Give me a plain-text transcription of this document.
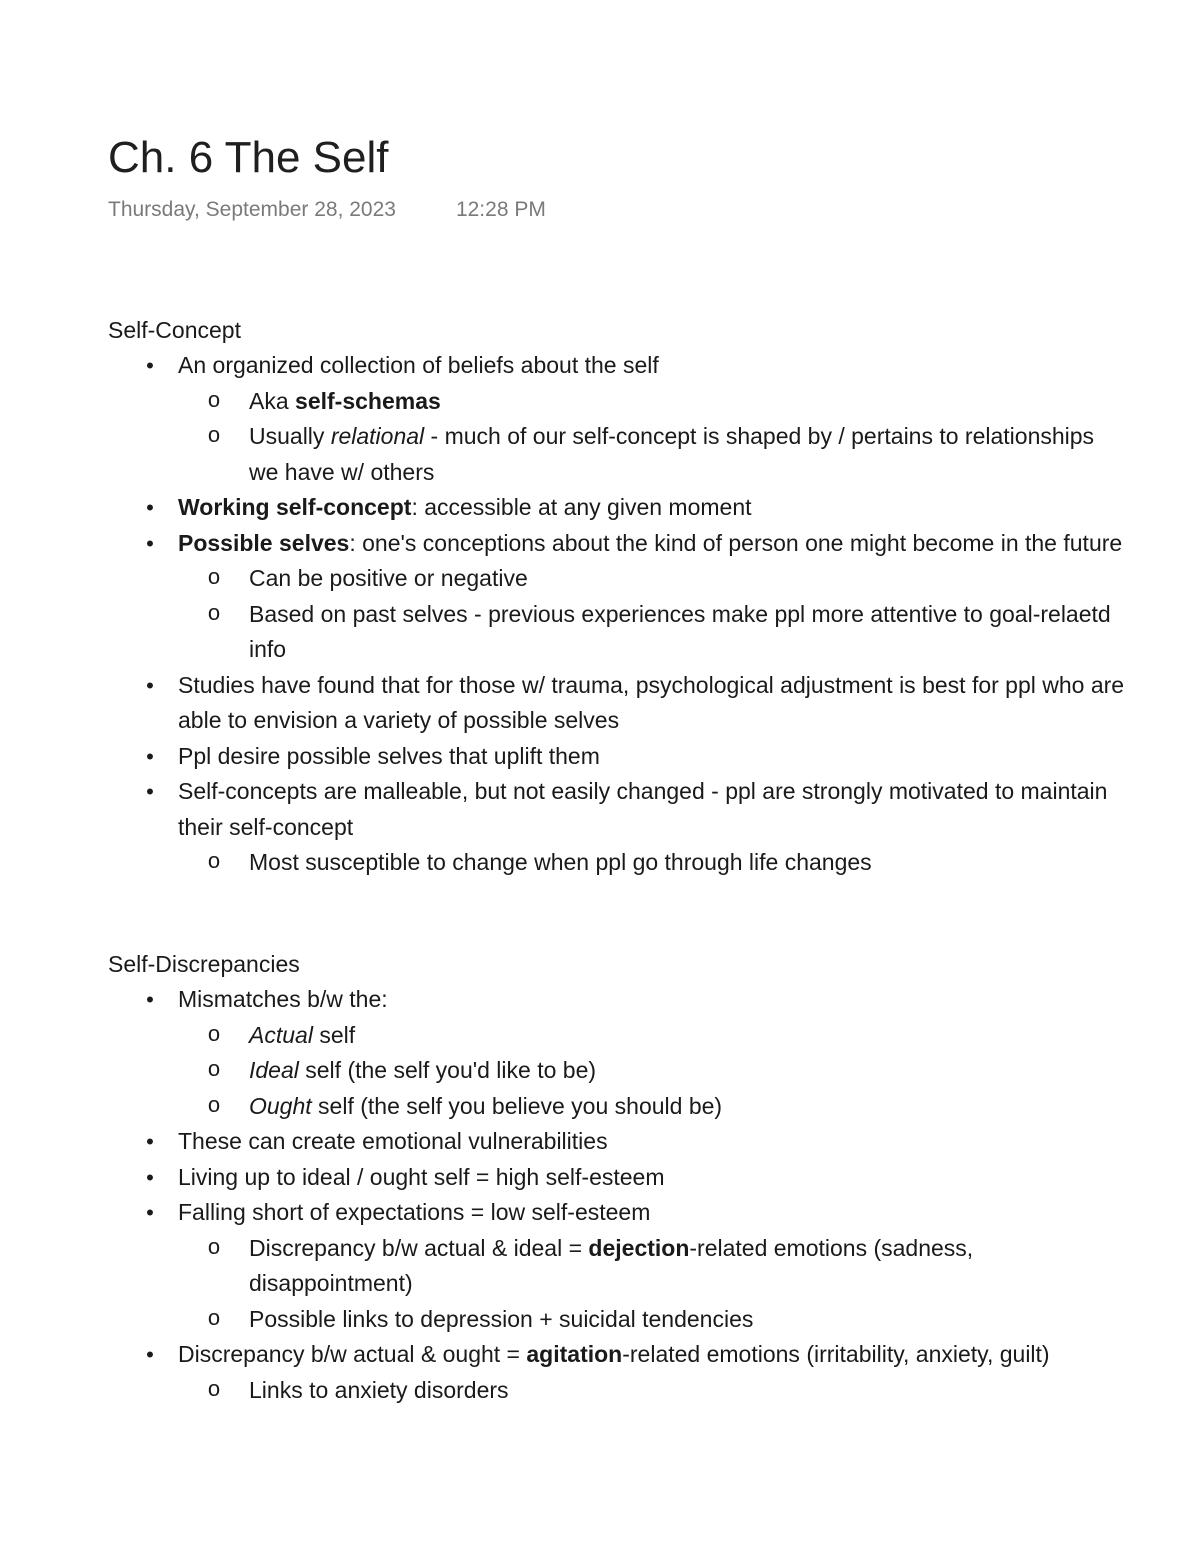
Ch. 6 The Self
Thursday, September 28, 2023	12:28 PM
Self-Concept
• An organized collection of beliefs about the self
o Aka self-schemas
o Usually relational - much of our self-concept is shaped by / pertains to relationships we have w/ others
• Working self-concept: accessible at any given moment
• Possible selves: one's conceptions about the kind of person one might become in the future
o Can be positive or negative
o Based on past selves - previous experiences make ppl more attentive to goal-relaetd info
• Studies have found that for those w/ trauma, psychological adjustment is best for ppl who are able to envision a variety of possible selves
• Ppl desire possible selves that uplift them
• Self-concepts are malleable, but not easily changed - ppl are strongly motivated to maintain their self-concept
o Most susceptible to change when ppl go through life changes
Self-Discrepancies
• Mismatches b/w the:
o Actual self
o Ideal self (the self you'd like to be)
o Ought self (the self you believe you should be)
• These can create emotional vulnerabilities
• Living up to ideal / ought self = high self-esteem
• Falling short of expectations = low self-esteem
o Discrepancy b/w actual & ideal = dejection-related emotions (sadness, disappointment)
o Possible links to depression + suicidal tendencies
• Discrepancy b/w actual & ought = agitation-related emotions (irritability, anxiety, guilt)
o Links to anxiety disorders
